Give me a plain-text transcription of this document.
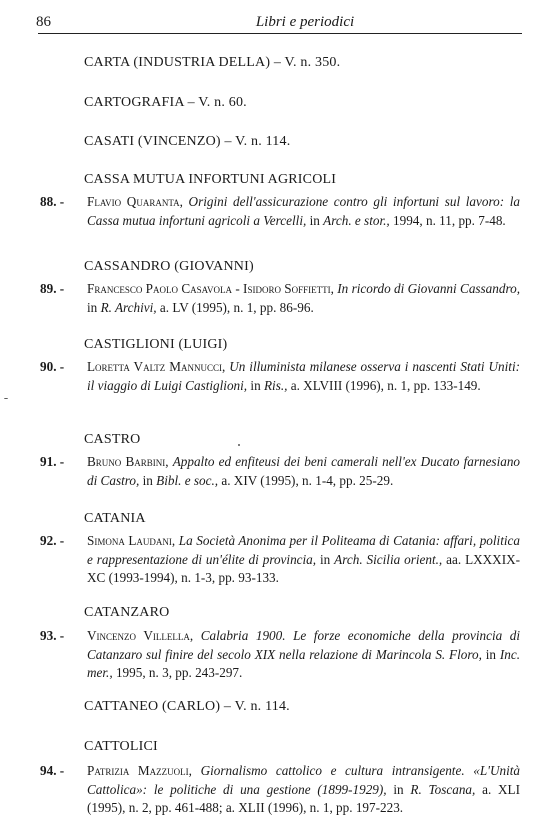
86	Libri e periodici
CARTA (INDUSTRIA DELLA) – V. n. 350.
CARTOGRAFIA – V. n. 60.
CASATI (VINCENZO) – V. n. 114.
CASSA MUTUA INFORTUNI AGRICOLI
88. - Flavio Quaranta, Origini dell'assicurazione contro gli infortuni sul lavoro: la Cassa mutua infortuni agricoli a Vercelli, in Arch. e stor., 1994, n. 11, pp. 7-48.
CASSANDRO (GIOVANNI)
89. - Francesco Paolo Casavola - Isidoro Soffietti, In ricordo di Giovanni Cassandro, in R. Archivi, a. LV (1995), n. 1, pp. 86-96.
CASTIGLIONI (LUIGI)
90. - Loretta Valtz Mannucci, Un illuminista milanese osserva i nascenti Stati Uniti: il viaggio di Luigi Castiglioni, in Ris., a. XLVIII (1996), n. 1, pp. 133-149.
CASTRO
91. - Bruno Barbini, Appalto ed enfiteusi dei beni camerali nell'ex Ducato farnesiano di Castro, in Bibl. e soc., a. XIV (1995), n. 1-4, pp. 25-29.
CATANIA
92. - Simona Laudani, La Società Anonima per il Politeama di Catania: affari, politica e rappresentazione di un'élite di provincia, in Arch. Sicilia orient., aa. LXXXIX-XC (1993-1994), n. 1-3, pp. 93-133.
CATANZARO
93. - Vincenzo Villella, Calabria 1900. Le forze economiche della provincia di Catanzaro sul finire del secolo XIX nella relazione di Marincola S. Floro, in Inc. mer., 1995, n. 3, pp. 243-297.
CATTANEO (CARLO) – V. n. 114.
CATTOLICI
94. - Patrizia Mazzuoli, Giornalismo cattolico e cultura intransigente. «L'Unità Cattolica»: le politiche di una gestione (1899-1929), in R. Toscana, a. XLI (1995), n. 2, pp. 461-488; a. XLII (1996), n. 1, pp. 197-223.
